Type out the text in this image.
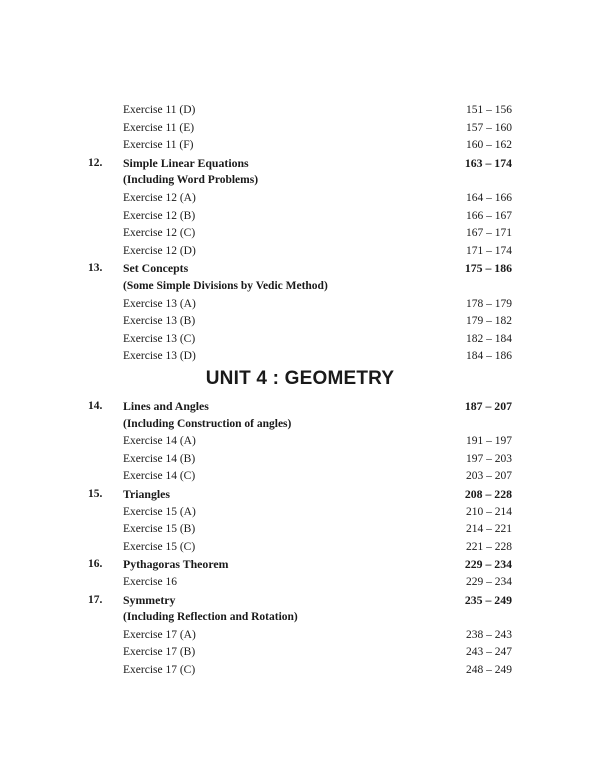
UNIT 4 : GEOMETRY
Exercise 11 (D)	151 – 156
Exercise 11 (E)	157 – 160
Exercise 11 (F)	160 – 162
12. Simple Linear Equations	163 – 174
(Including Word Problems)
Exercise 12 (A)	164 – 166
Exercise 12 (B)	166 – 167
Exercise 12 (C)	167 – 171
Exercise 12 (D)	171 – 174
13. Set Concepts	175 – 186
(Some Simple Divisions by Vedic Method)
Exercise 13 (A)	178 – 179
Exercise 13 (B)	179 – 182
Exercise 13 (C)	182 – 184
Exercise 13 (D)	184 – 186
14. Lines and Angles	187 – 207
(Including Construction of angles)
Exercise 14 (A)	191 – 197
Exercise 14 (B)	197 – 203
Exercise 14 (C)	203 – 207
15. Triangles	208 – 228
Exercise 15 (A)	210 – 214
Exercise 15 (B)	214 – 221
Exercise 15 (C)	221 – 228
16. Pythagoras Theorem	229 – 234
Exercise 16	229 – 234
17. Symmetry	235 – 249
(Including Reflection and Rotation)
Exercise 17 (A)	238 – 243
Exercise 17 (B)	243 – 247
Exercise 17 (C)	248 – 249
